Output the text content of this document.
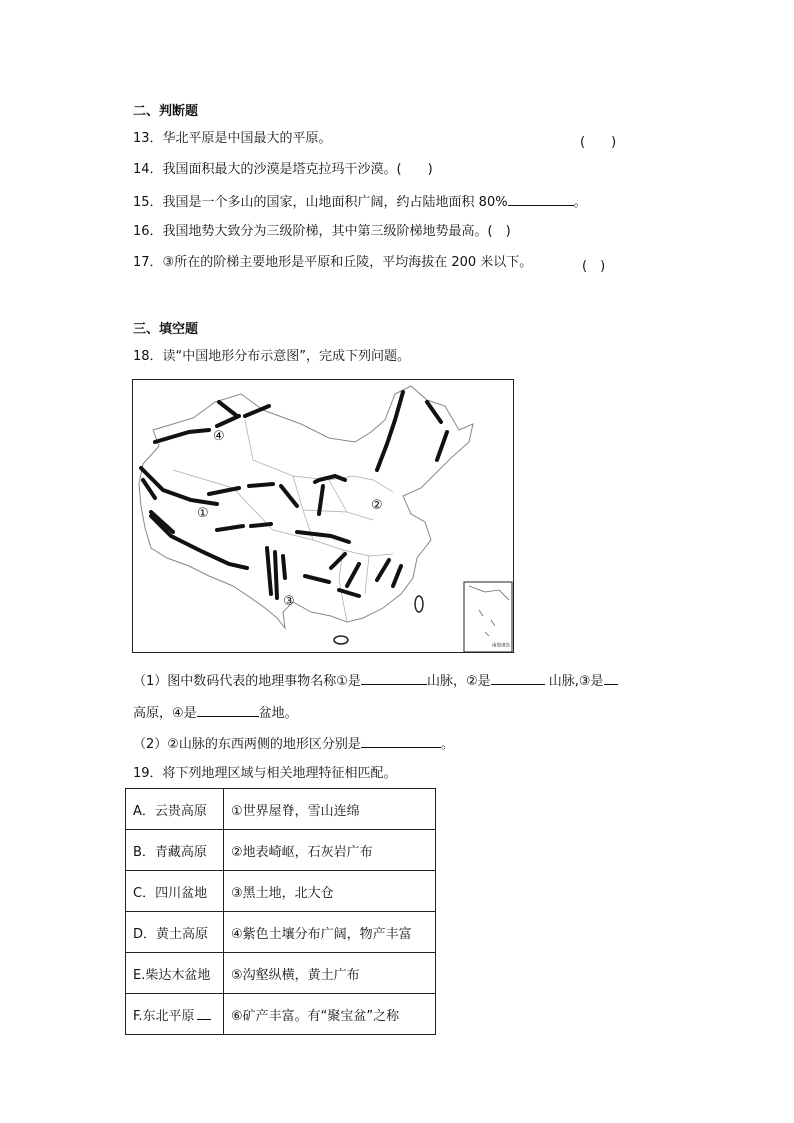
二、判断题
13．华北平原是中国最大的平原。	(　　)
14．我国面积最大的沙漠是塔克拉玛干沙漠。(　　)
15．我国是一个多山的国家，山地面积广阔，约占陆地面积 80%	。
16．我国地势大致分为三级阶梯，其中第三级阶梯地势最高。(　)
17．③所在的阶梯主要地形是平原和丘陵，平均海拔在 200 米以下。	(　)
三、填空题
18．读“中国地形分布示意图”，完成下列问题。
①
②
③
④
南海诸岛
（1）图中数码代表的地理事物名称①是	山脉，②是	山脉,③是
高原，④是	盆地。
（2）②山脉的东西两侧的地形区分别是	。
19．将下列地理区域与相关地理特征相匹配。
A．云贵高原	①世界屋脊，雪山连绵
B．青藏高原	②地表崎岖，石灰岩广布
C．四川盆地	③黑土地，北大仓
D．黄土高原	④紫色土壤分布广阔，物产丰富
E.柴达木盆地	⑤沟壑纵横，黄土广布
F.东北平原	⑥矿产丰富。有“聚宝盆”之称
